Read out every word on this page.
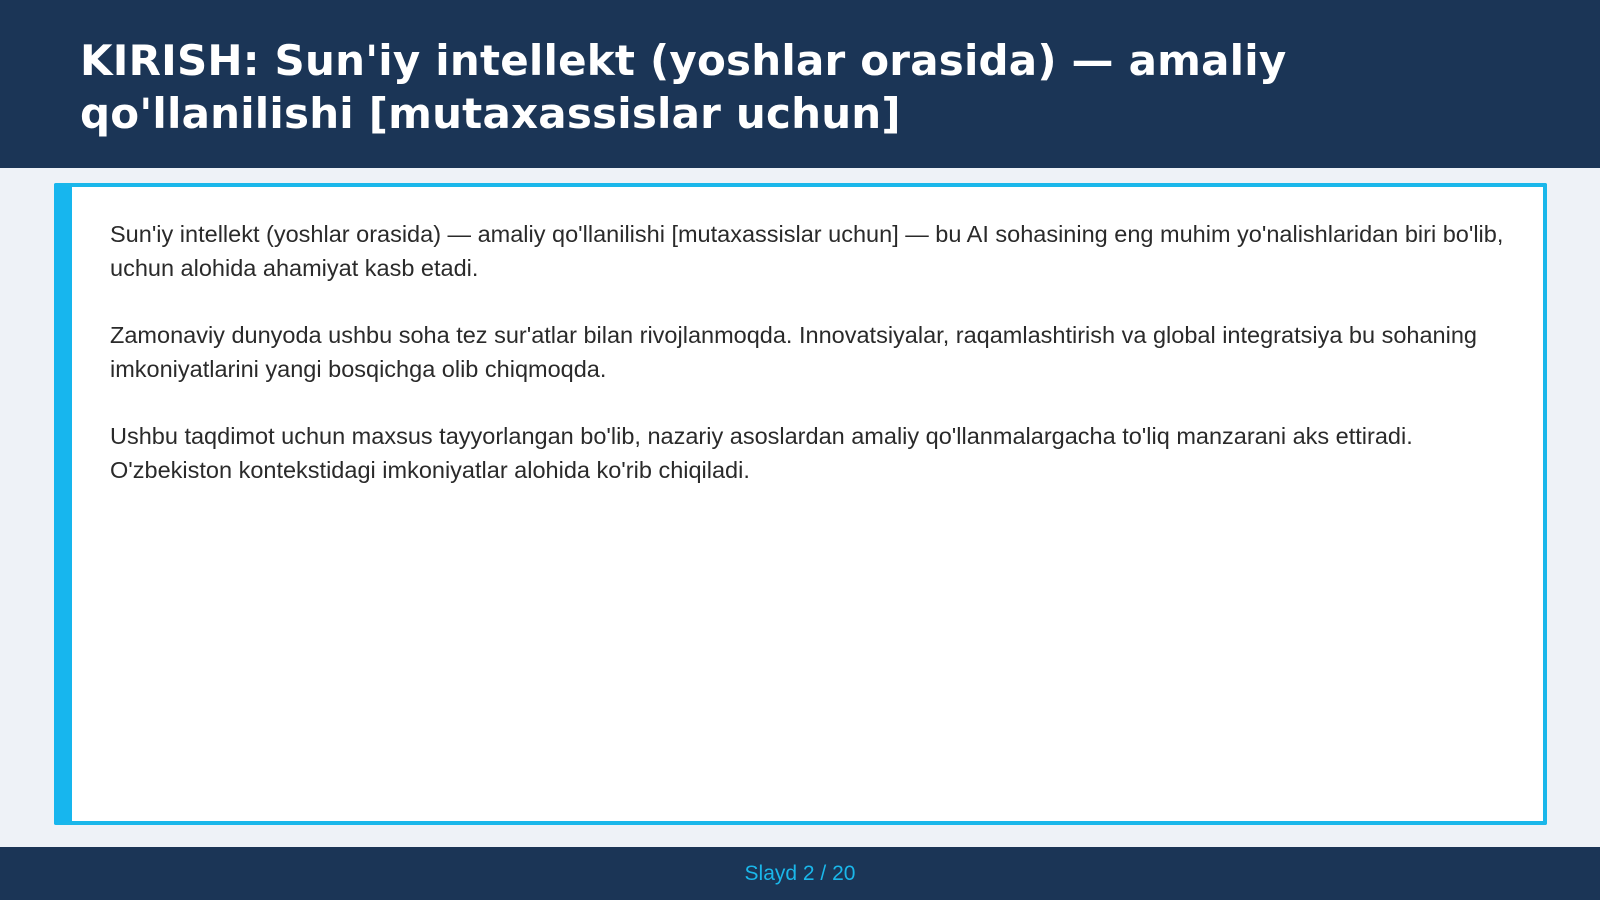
KIRISH: Sun'iy intellekt (yoshlar orasida) — amaliy qo'llanilishi [mutaxassislar uchun]

Sun'iy intellekt (yoshlar orasida) — amaliy qo'llanilishi [mutaxassislar uchun] — bu AI sohasining eng muhim yo'nalishlaridan biri bo'lib, uchun alohida ahamiyat kasb etadi.

Zamonaviy dunyoda ushbu soha tez sur'atlar bilan rivojlanmoqda. Innovatsiyalar, raqamlashtirish va global integratsiya bu sohaning imkoniyatlarini yangi bosqichga olib chiqmoqda.

Ushbu taqdimot uchun maxsus tayyorlangan bo'lib, nazariy asoslardan amaliy qo'llanmalargacha to'liq manzarani aks ettiradi. O'zbekiston kontekstidagi imkoniyatlar alohida ko'rib chiqiladi.

Slayd 2 / 20
